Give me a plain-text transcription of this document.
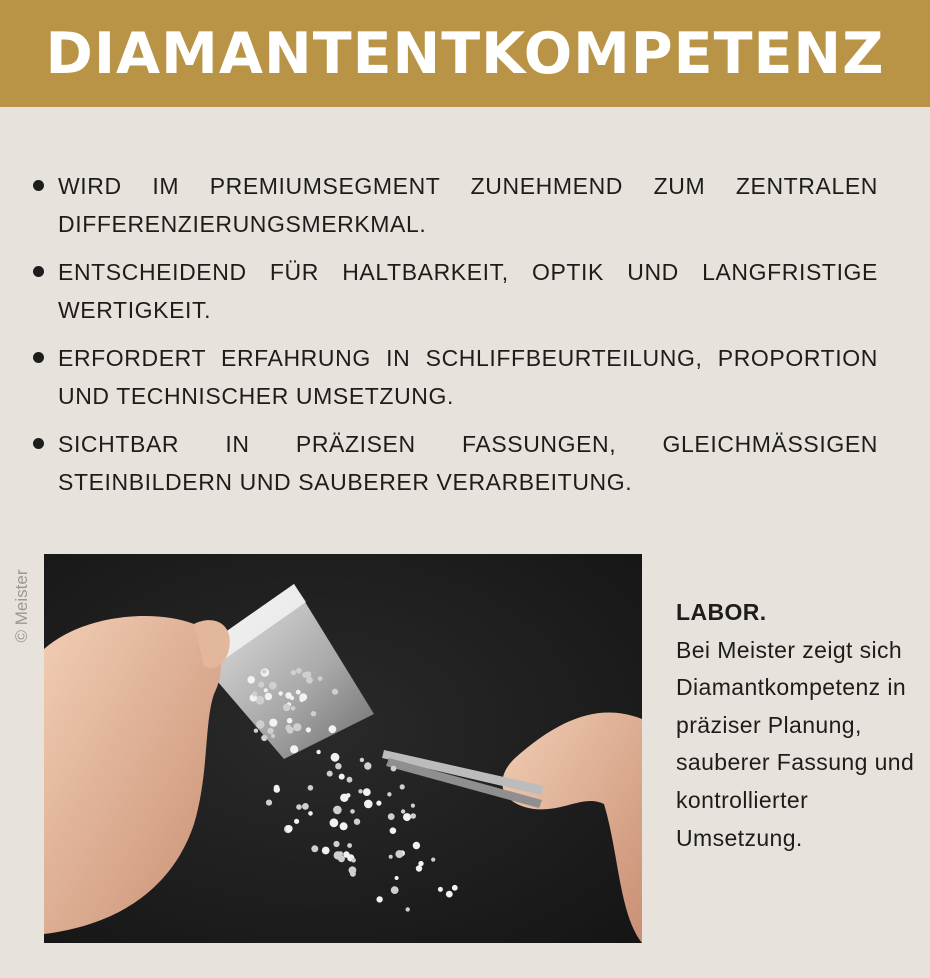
DIAMANTENTKOMPETENZ
WIRD IM PREMIUMSEGMENT ZUNEHMEND ZUM ZENTRALEN DIFFERENZIERUNGSMERKMAL.
ENTSCHEIDEND FÜR HALTBARKEIT, OPTIK UND LANGFRISTIGE WERTIGKEIT.
ERFORDERT ERFAHRUNG IN SCHLIFFBEURTEILUNG, PROPORTION UND TECHNISCHER UMSETZUNG.
SICHTBAR IN PRÄZISEN FASSUNGEN, GLEICHMÄSSIGEN STEINBILDERN UND SAUBERER VERARBEITUNG.
© Meister	LABOR.
Bei Meister zeigt sich Diamantkompetenz in präziser Planung, sauberer Fassung und kontrollierter Umsetzung.
